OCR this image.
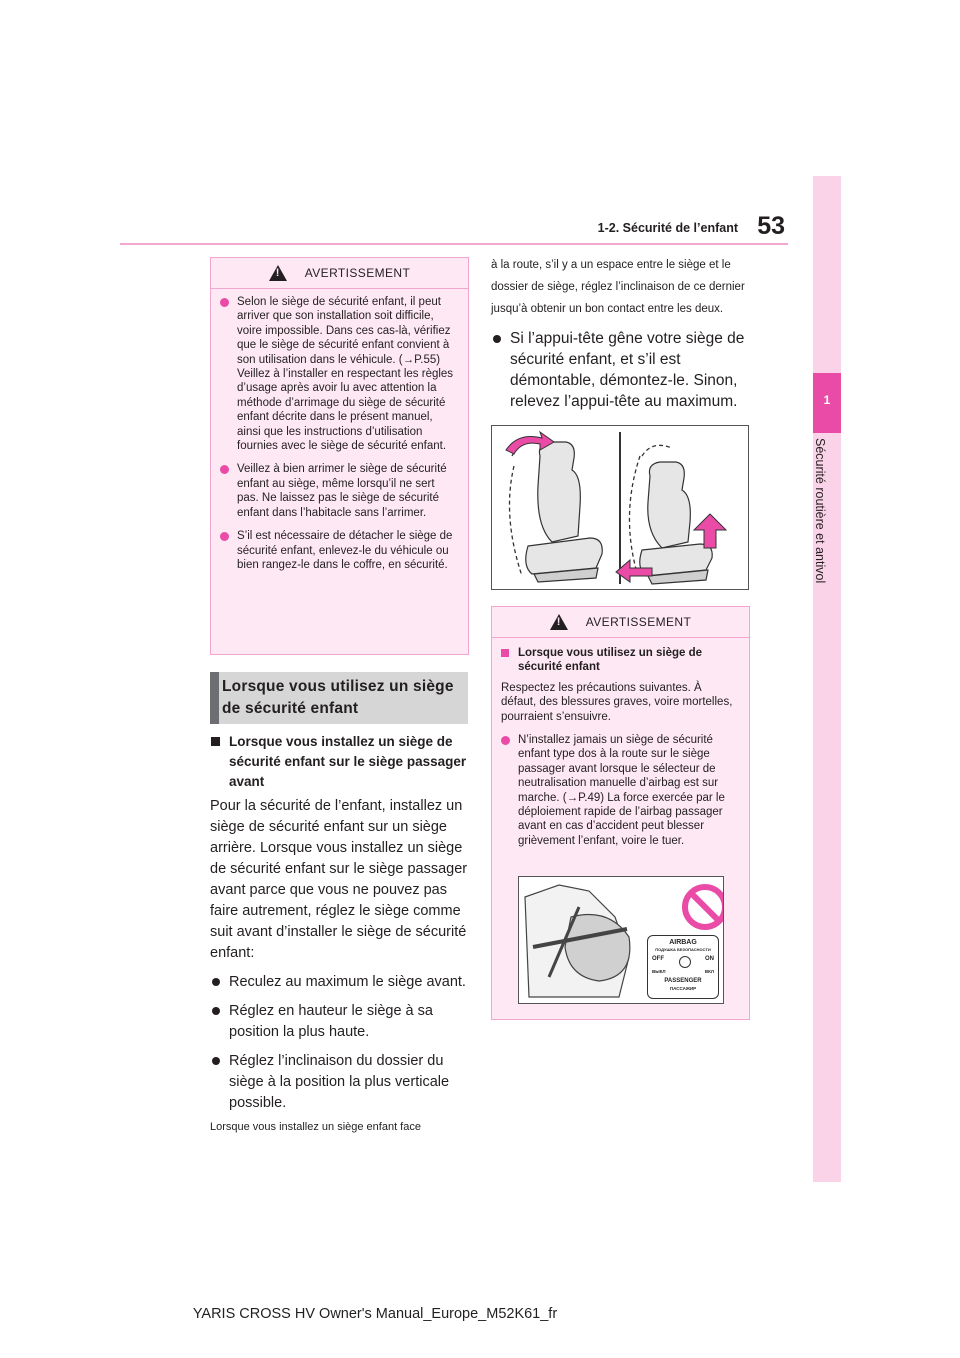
53
1-2. Sécurité de l’enfant
1
Sécurité routière et antivol
!
AVERTISSEMENT
Selon le siège de sécurité enfant, il peut arriver que son installation soit difficile, voire impossible. Dans ces cas-là, vérifiez que le siège de sécurité enfant convient à son utilisation dans le véhicule. (→P.55) Veillez à l’installer en respectant les règles d’usage après avoir lu avec attention la méthode d’arrimage du siège de sécurité enfant décrite dans le présent manuel, ainsi que les instructions d’utilisation fournies avec le siège de sécurité enfant.
Veillez à bien arrimer le siège de sécurité enfant au siège, même lorsqu’il ne sert pas. Ne laissez pas le siège de sécurité enfant dans l’habitacle sans l’arrimer.
S’il est nécessaire de détacher le siège de sécurité enfant, enlevez-le du véhicule ou bien rangez-le dans le coffre, en sécurité.
Lorsque vous utilisez un siège de sécurité enfant
Lorsque vous installez un siège de sécurité enfant sur le siège passager avant
Pour la sécurité de l’enfant, installez un siège de sécurité enfant sur un siège arrière. Lorsque vous installez un siège de sécurité enfant sur le siège passager avant parce que vous ne pouvez pas faire autrement, réglez le siège comme suit avant d’installer le siège de sécurité enfant:
Reculez au maximum le siège avant.
Réglez en hauteur le siège à sa position la plus haute.
Réglez l’inclinaison du dossier du siège à la position la plus verticale possible.
Lorsque vous installez un siège enfant face
à la route, s’il y a un espace entre le siège et le dossier de siège, réglez l’inclinaison de ce dernier jusqu’à obtenir un bon contact entre les deux.
Si l’appui-tête gêne votre siège de sécurité enfant, et s’il est démontable, démontez-le. Sinon, relevez l’appui-tête au maximum.
!
AVERTISSEMENT
Lorsque vous utilisez un siège de sécurité enfant
Respectez les précautions suivantes. À défaut, des blessures graves, voire mortelles, pourraient s’ensuivre.
N’installez jamais un siège de sécurité enfant type dos à la route sur le siège passager avant lorsque le sélecteur de neutralisation manuelle d’airbag est sur marche. (→P.49) La force exercée par le déploiement rapide de l’airbag passager avant en cas d’accident peut blesser grièvement l’enfant, voire le tuer.
AIRBAG
ПОДУШКА БЕЗОПАСНОСТИ
OFF	ON
ВЫКЛ	ВКЛ
PASSENGER
ПАССАЖИР
YARIS CROSS HV Owner's Manual_Europe_M52K61_fr
